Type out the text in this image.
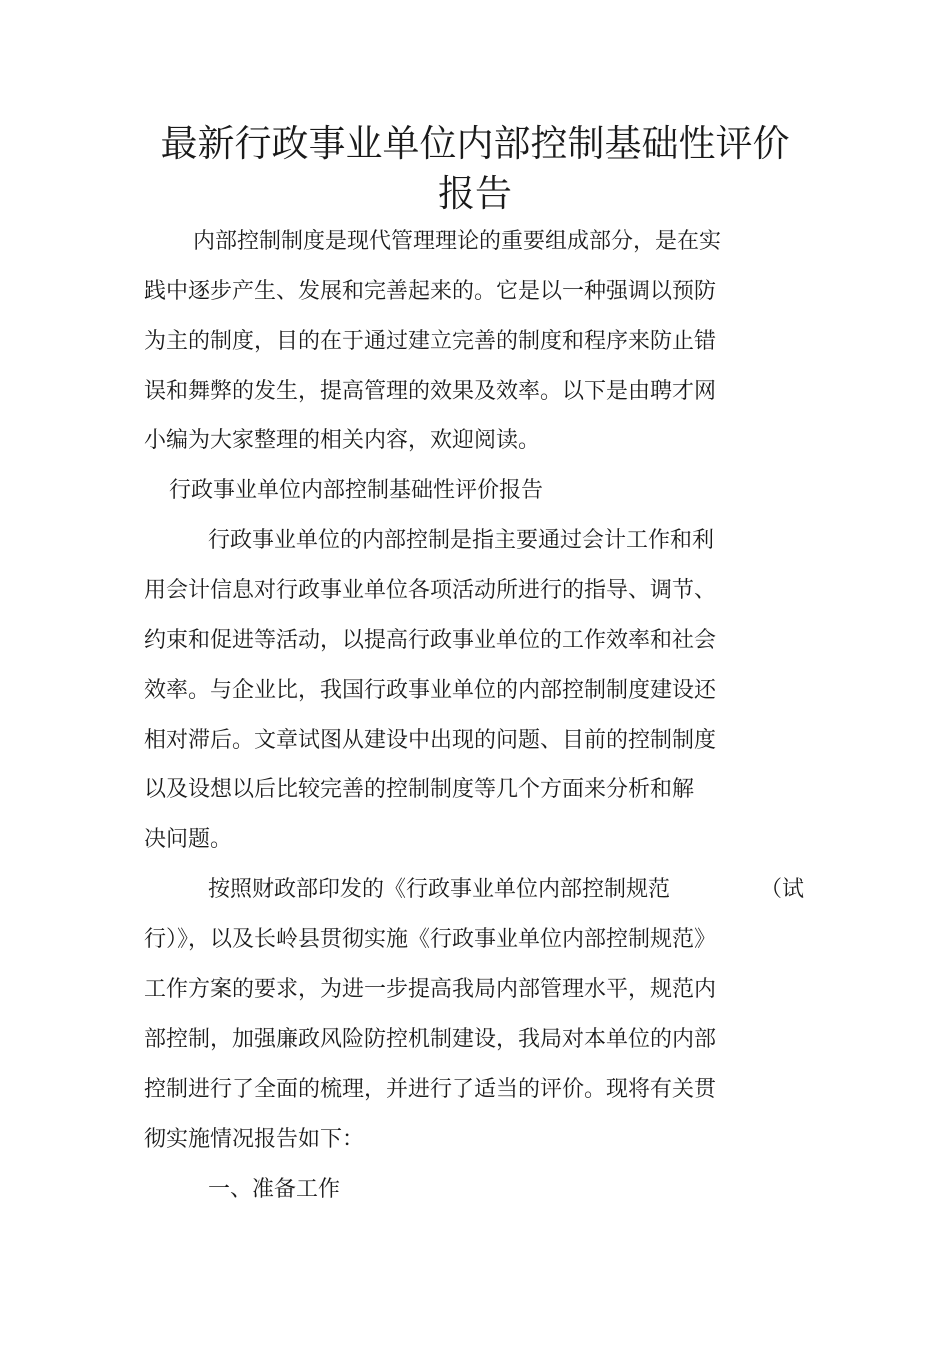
最新行政事业单位内部控制基础性评价
报告
内部控制制度是现代管理理论的重要组成部分，是在实
践中逐步产生、发展和完善起来的。它是以一种强调以预防
为主的制度，目的在于通过建立完善的制度和程序来防止错
误和舞弊的发生，提高管理的效果及效率。以下是由聘才网
小编为大家整理的相关内容，欢迎阅读。
行政事业单位内部控制基础性评价报告
行政事业单位的内部控制是指主要通过会计工作和利
用会计信息对行政事业单位各项活动所进行的指导、调节、
约束和促进等活动，以提高行政事业单位的工作效率和社会
效率。与企业比，我国行政事业单位的内部控制制度建设还
相对滞后。文章试图从建设中出现的问题、目前的控制制度
以及设想以后比较完善的控制制度等几个方面来分析和解
决问题。
按照财政部印发的《行政事业单位内部控制规范	（试
行）》，以及长岭县贯彻实施《行政事业单位内部控制规范》
工作方案的要求，为进一步提高我局内部管理水平，规范内
部控制，加强廉政风险防控机制建设，我局对本单位的内部
控制进行了全面的梳理，并进行了适当的评价。现将有关贯
彻实施情况报告如下：
一、准备工作
